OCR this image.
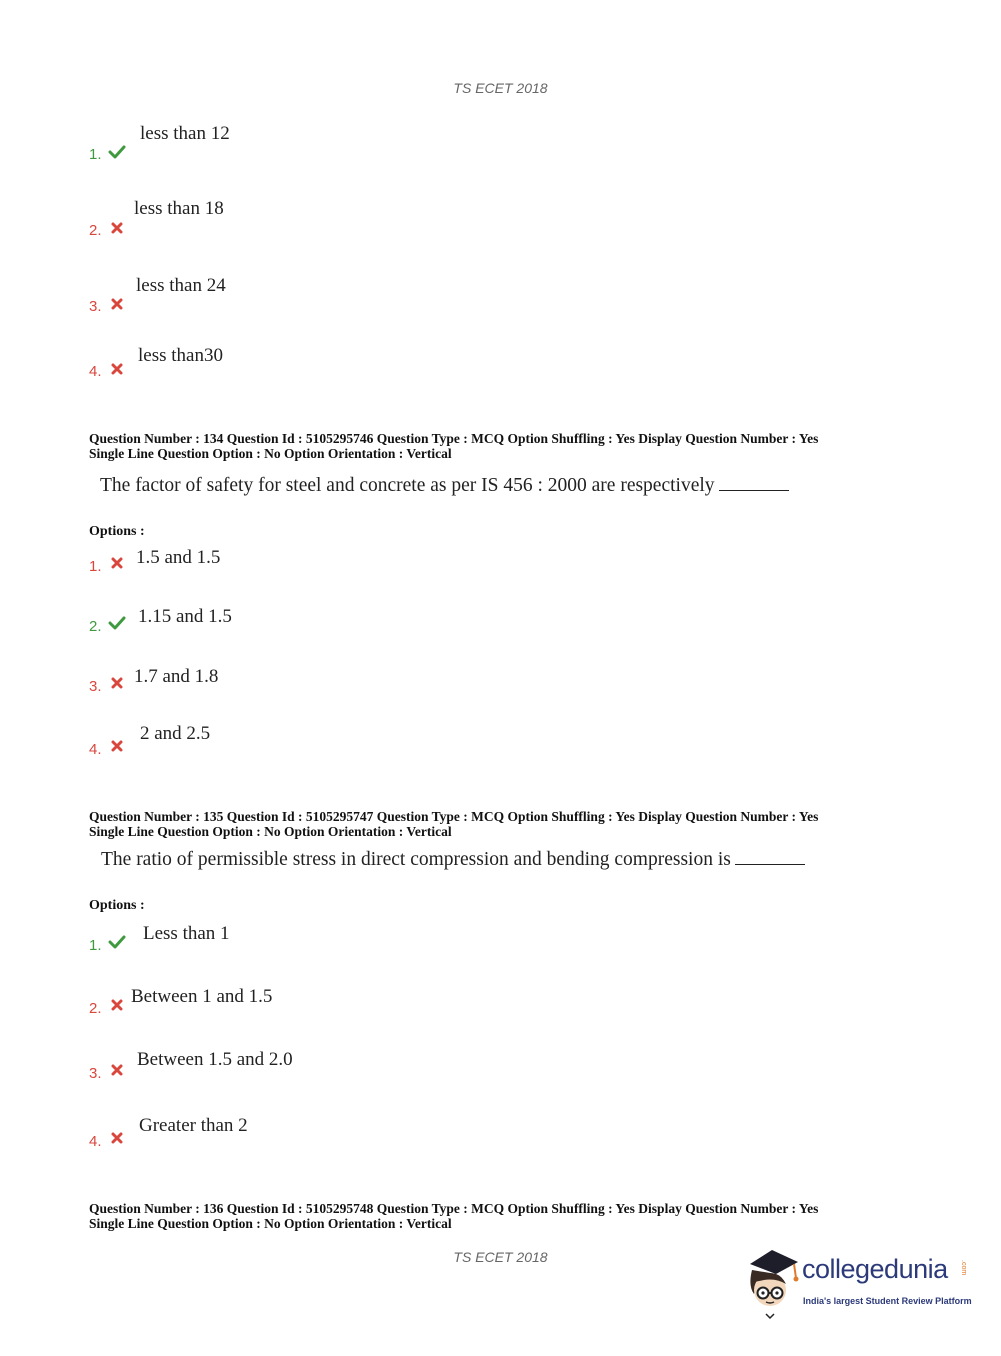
TS ECET 2018
1.
less than 12
2.
less than 18
3.
less than 24
4.
less than30
Question Number : 134 Question Id : 5105295746 Question Type : MCQ Option Shuffling : Yes Display Question Number : Yes
Single Line Question Option : No Option Orientation : Vertical
The factor of safety for steel and concrete as per IS 456 : 2000 are respectively
Options :
1.	1.5 and 1.5
2.	1.15 and 1.5
3.	1.7 and 1.8
4.
2 and 2.5
Question Number : 135 Question Id : 5105295747 Question Type : MCQ Option Shuffling : Yes Display Question Number : Yes
Single Line Question Option : No Option Orientation : Vertical
The ratio of permissible stress in direct compression and bending compression is
Options :
1.
Less than 1
2.
Between 1 and 1.5
3.
Between 1.5 and 2.0
4.
Greater than 2
Question Number : 136 Question Id : 5105295748 Question Type : MCQ Option Shuffling : Yes Display Question Number : Yes
Single Line Question Option : No Option Orientation : Vertical
TS ECET 2018	collegedunia .com
India's largest Student Review Platform
